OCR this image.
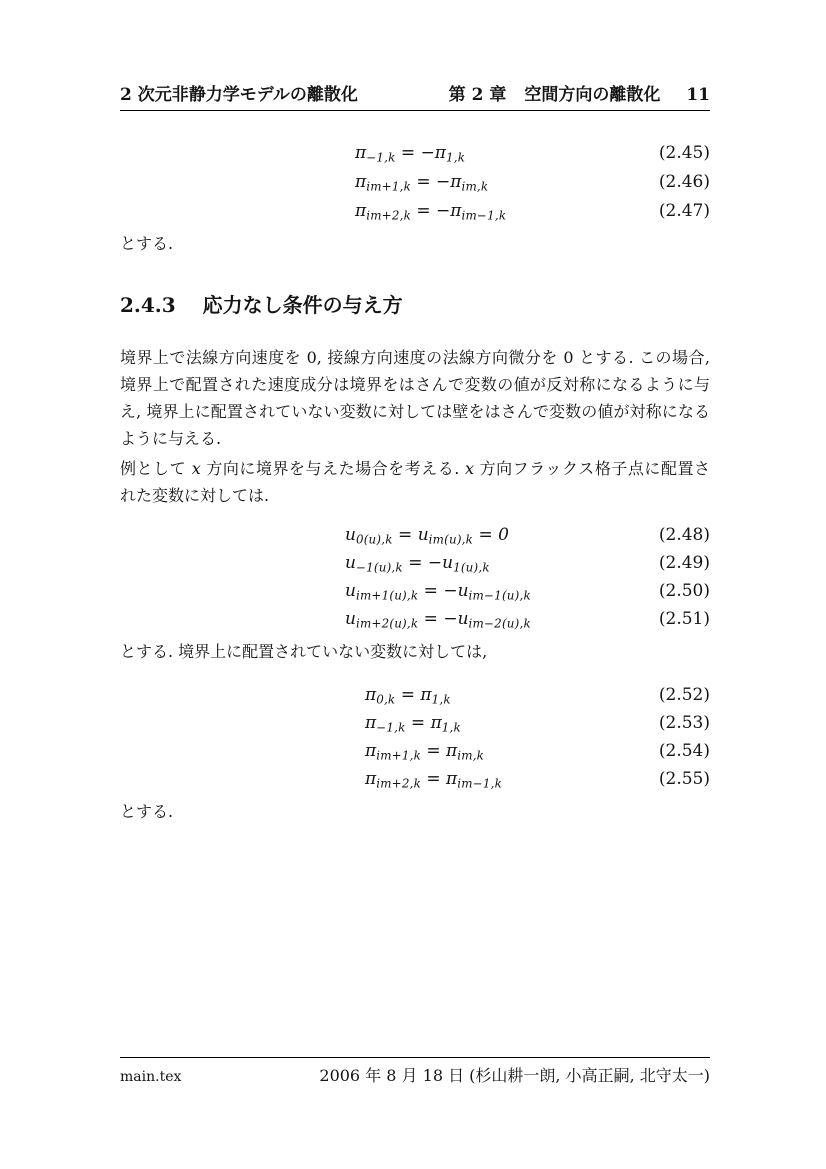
2 次元非静力学モデルの離散化	第 2 章 空間方向の離散化 11
$\pi_{-1,k} = -\pi_{1,k}$	(2.45)
$\pi_{im+1,k} = -\pi_{im,k}$	(2.46)
$\pi_{im+2,k} = -\pi_{im-1,k}$	(2.47)

とする.

2.4.3 応力なし条件の与え方
境界上で法線方向速度を 0, 接線方向速度の法線方向微分を 0 とする. この場合,
境界上で配置された速度成分は境界をはさんで変数の値が反対称になるように与
え, 境界上に配置されていない変数に対しては壁をはさんで変数の値が対称になる
ように与える.
例として x 方向に境界を与えた場合を考える. x 方向フラックス格子点に配置さ
れた変数に対しては.
$u_{0(u),k} = u_{im(u),k} = 0$	(2.48)
$u_{-1(u),k} = -u_{1(u),k}$	(2.49)
$u_{im+1(u),k} = -u_{im-1(u),k}$	(2.50)
$u_{im+2(u),k} = -u_{im-2(u),k}$	(2.51)

とする. 境界上に配置されていない変数に対しては,

$\pi_{0,k} = \pi_{1,k}$	(2.52)
$\pi_{-1,k} = \pi_{1,k}$	(2.53)
$\pi_{im+1,k} = \pi_{im,k}$	(2.54)
$\pi_{im+2,k} = \pi_{im-1,k}$	(2.55)

とする.

main.tex	2006 年 8 月 18 日 (杉山耕一朗, 小高正嗣, 北守太一)
